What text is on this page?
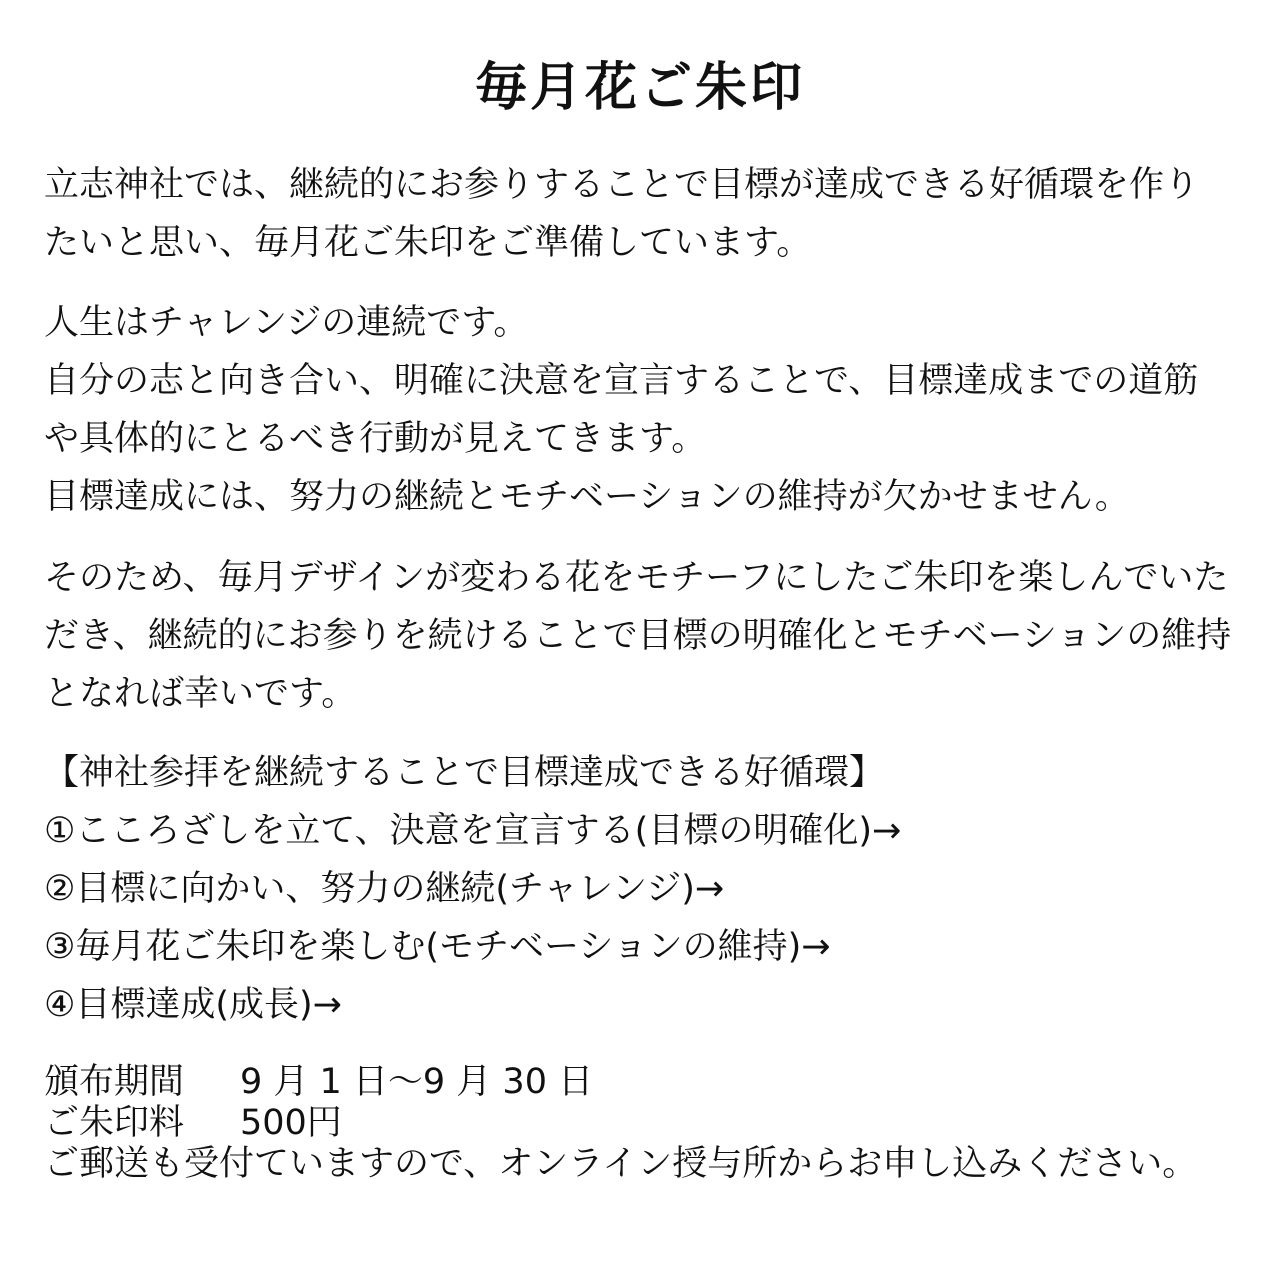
毎月花ご朱印
立志神社では、継続的にお参りすることで目標が達成できる好循環を作り
たいと思い、毎月花ご朱印をご準備しています。
人生はチャレンジの連続です。
自分の志と向き合い、明確に決意を宣言することで、目標達成までの道筋
や具体的にとるべき行動が見えてきます。
目標達成には、努力の継続とモチベーションの維持が欠かせません。
そのため、毎月デザインが変わる花をモチーフにしたご朱印を楽しんでいた
だき、継続的にお参りを続けることで目標の明確化とモチベーションの維持
となれば幸いです。
【神社参拝を継続することで目標達成できる好循環】
①こころざしを立て、決意を宣言する(目標の明確化)→
②目標に向かい、努力の継続(チャレンジ)→
③毎月花ご朱印を楽しむ(モチベーションの維持)→
④目標達成(成長)→
頒布期間 9 月 1 日〜9 月 30 日
ご朱印料 500円
ご郵送も受付ていますので、オンライン授与所からお申し込みください。
